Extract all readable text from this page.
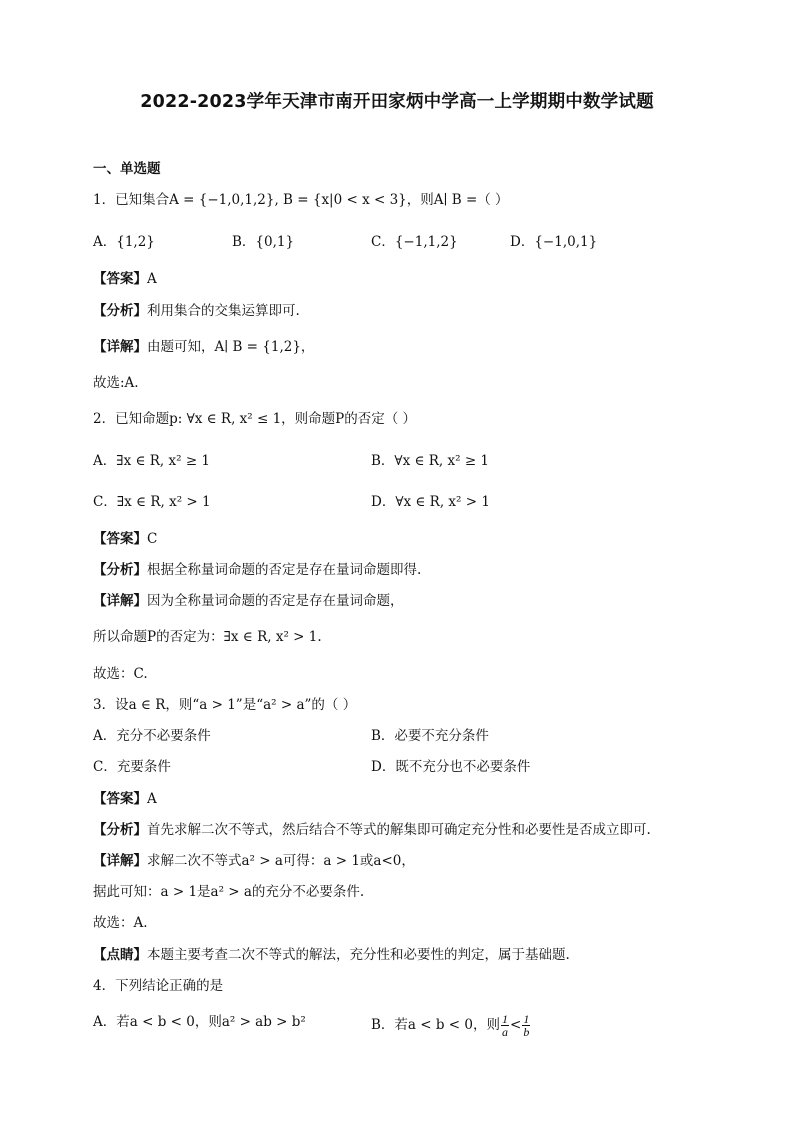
2022-2023学年天津市南开田家炳中学高一上学期期中数学试题
一、单选题
1．已知集合A = {−1,0,1,2}, B = {x|0 < x < 3}，则A∣ B =（ ）
A．{1,2}	B．{0,1}	C．{−1,1,2}	D．{−1,0,1}
【答案】A
【分析】利用集合的交集运算即可.
【详解】由题可知，A∣ B = {1,2}，
故选:A.
2．已知命题p: ∀x ∈ R, x² ≤ 1，则命题P的否定（ ）
A．∃x ∈ R, x² ≥ 1	B．∀x ∈ R, x² ≥ 1
C．∃x ∈ R, x² > 1	D．∀x ∈ R, x² > 1
【答案】C
【分析】根据全称量词命题的否定是存在量词命题即得.
【详解】因为全称量词命题的否定是存在量词命题，
所以命题P的否定为：∃x ∈ R, x² > 1.
故选：C.
3．设a ∈ R，则“a > 1”是“a² > a”的（ ）
A．充分不必要条件	B．必要不充分条件
C．充要条件	D．既不充分也不必要条件
【答案】A
【分析】首先求解二次不等式，然后结合不等式的解集即可确定充分性和必要性是否成立即可.
【详解】求解二次不等式a² > a可得：a > 1或a<0，
据此可知：a > 1是a² > a的充分不必要条件.
故选：A.
【点睛】本题主要考查二次不等式的解法，充分性和必要性的判定，属于基础题.
4．下列结论正确的是
A．若a < b < 0，则a² > ab > b²	B．若a < b < 0，则 $\frac{1}{a} < \frac{1}{b}$
